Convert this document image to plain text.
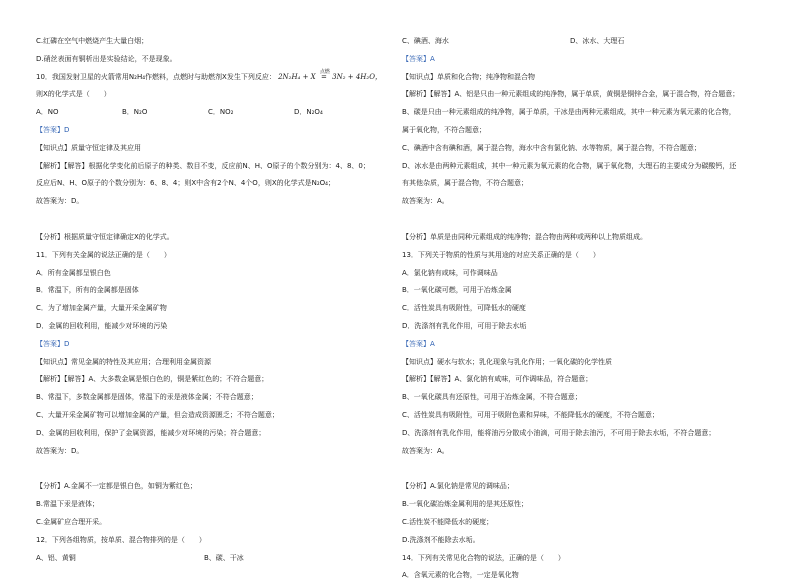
C.红磷在空气中燃烧产生大量白烟；
D.硝丝表面有铜析出是实验结论，不是现象。
10．我国发射卫星的火箭常用N₂H₄作燃料，点燃时与助燃剂X发生下列反应： 2N₂H₄ + X
点燃
= 3N₂ + 4H₂O，
则X的化学式是（　　）
A．NO	B．N₂O	C．NO₂	D．N₂O₄
【答案】D
【知识点】质量守恒定律及其应用
【解析】【解答】根据化学变化前后原子的种类、数目不变，反应前N、H、O原子的个数分别为：4、8、0；
反应后N、H、O原子的个数分别为：6、8、4；则X中含有2个N、4个O，则X的化学式是N₂O₄；
故答案为：D。
【分析】根据质量守恒定律确定X的化学式。
11．下列有关金属的说法正确的是（　　）
A．所有金属都呈银白色
B．常温下，所有的金属都是固体
C．为了增加金属产量，大量开采金属矿物
D．金属的回收利用，能减少对环境的污染
【答案】D
【知识点】常见金属的特性及其应用；合理利用金属资源
【解析】【解答】A、大多数金属是银白色的，铜是紫红色的；不符合题意；
B、常温下，多数金属都是固体，常温下的汞是液体金属；不符合题意；
C、大量开采金属矿物可以增加金属的产量，但会造成资源匮乏；不符合题意；
D、金属的回收利用，保护了金属资源，能减少对环境的污染；符合题意；
故答案为：D。
【分析】A.金属不一定都是银白色，如铜为紫红色；
B.常温下汞是液体；
C.金属矿应合理开采。
12．下列各组物质，按单质、混合物排列的是（　　）
A、铝、黄铜	B、碳、干冰
C、碘酒、海水	D、冰水、大理石
【答案】A
【知识点】单质和化合物；纯净物和混合物
【解析】【解答】A、铝是只由一种元素组成的纯净物，属于单质，黄铜是铜锌合金，属于混合物，符合题意；
B、碳是只由一种元素组成的纯净物，属于单质，干冰是由两种元素组成，其中一种元素为氧元素的化合物，
属于氧化物，不符合题意；
C、碘酒中含有碘和酒，属于混合物，海水中含有氯化钠、水等物质，属于混合物，不符合题意；
D、冰水是由两种元素组成，其中一种元素为氧元素的化合物，属于氧化物，大理石的主要成分为碳酸钙，还
有其他杂质，属于混合物，不符合题意；
故答案为：A。
【分析】单质是由同种元素组成的纯净物；混合物由两种或两种以上物质组成。
13．下列关于物质的性质与其用途的对应关系正确的是（　　）
A．氯化钠有咸味，可作调味品
B．一氧化碳可燃，可用于冶炼金属
C．活性炭具有吸附性，可降低水的硬度
D．洗涤剂有乳化作用，可用于除去水垢
【答案】A
【知识点】硬水与软水；乳化现象与乳化作用；一氧化碳的化学性质
【解析】【解答】A、氯化钠有咸味，可作调味品，符合题意；
B、一氧化碳具有还原性，可用于冶炼金属，不符合题意；
C、活性炭具有吸附性，可用于吸附色素和异味，不能降低水的硬度，不符合题意；
D、洗涤剂有乳化作用，能将油污分散成小油滴，可用于除去油污，不可用于除去水垢，不符合题意；
故答案为：A。
【分析】A.氯化钠是常见的调味品；
B.一氧化碳冶炼金属利用的是其还原性；
C.活性炭不能降低水的硬度；
D.洗涤剂不能除去水垢。
14．下列有关常见化合物的说法，正确的是（　　）
A．含氧元素的化合物，一定是氧化物
